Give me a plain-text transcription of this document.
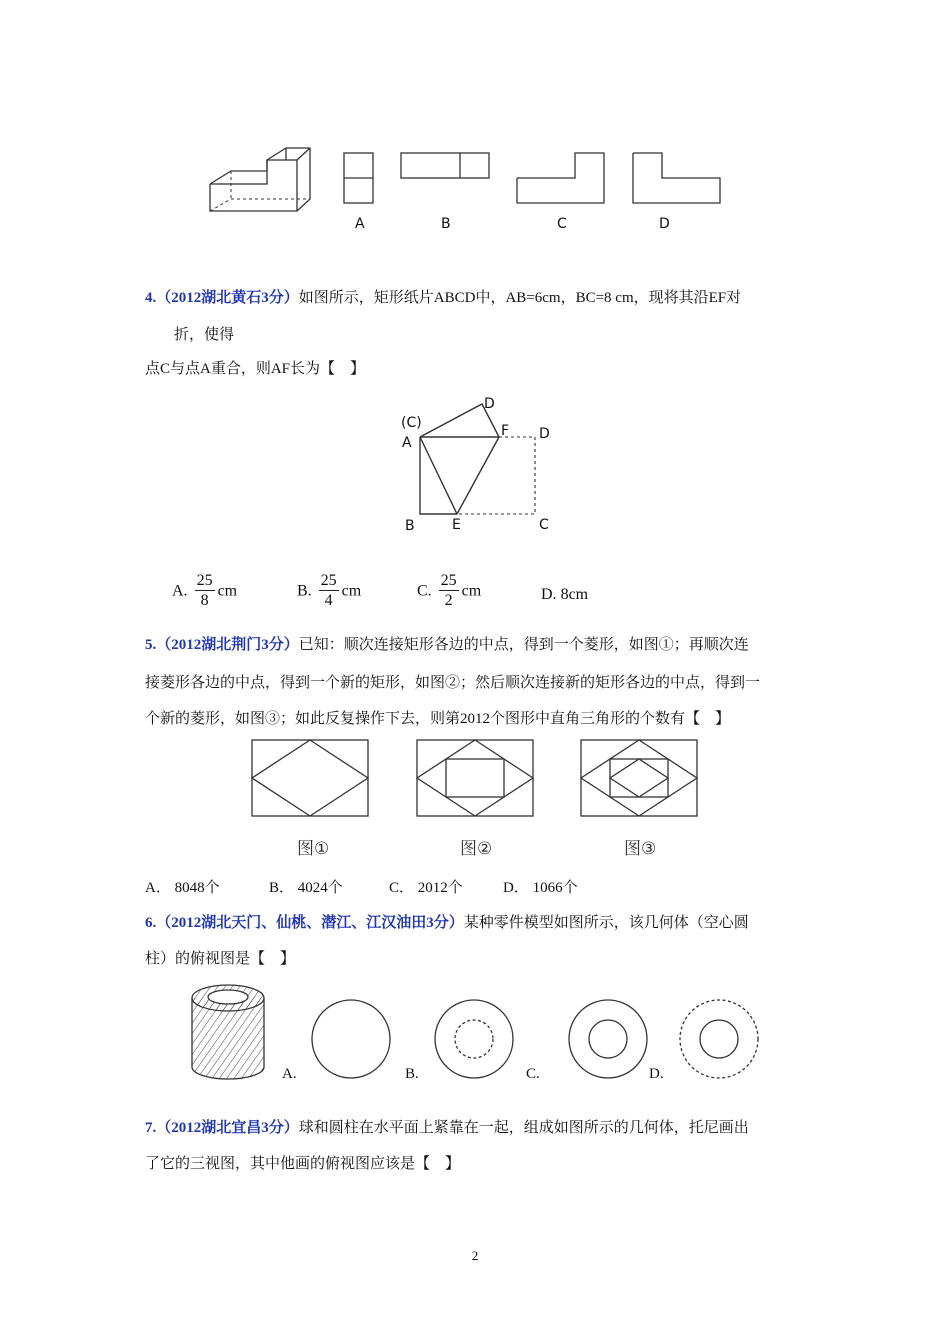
A	B	C	D
4.（2012湖北黄石3分）如图所示，矩形纸片ABCD中，AB=6cm，BC=8 cm，现将其沿EF对
折，使得
点C与点A重合，则AF长为【　】
(C)
A
D
F D
B	E	C
A. $\frac{25}{8}$ cm	B. $\frac{25}{4}$ cm	C. $\frac{25}{2}$ cm	D. 8cm
5.（2012湖北荆门3分）已知：顺次连接矩形各边的中点，得到一个菱形，如图①；再顺次连
接菱形各边的中点，得到一个新的矩形，如图②；然后顺次连接新的矩形各边的中点，得到一
个新的菱形，如图③；如此反复操作下去，则第2012个图形中直角三角形的个数有【　】
图①	图②	图③
A． 8048个	B． 4024个	C． 2012个	D． 1066个
6.（2012湖北天门、仙桃、潜江、江汉油田3分）某种零件模型如图所示，该几何体（空心圆
柱）的俯视图是【　】
A.	B.	C.	D.
7.（2012湖北宜昌3分）球和圆柱在水平面上紧靠在一起，组成如图所示的几何体，托尼画出
了它的三视图，其中他画的俯视图应该是【　】
2
